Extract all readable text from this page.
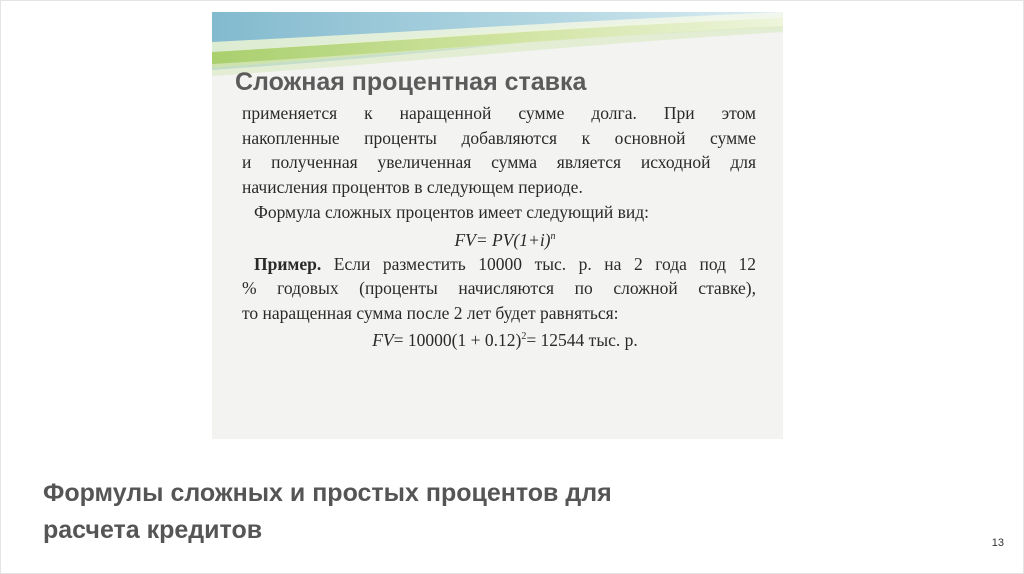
Сложная процентная ставка
применяется к наращенной сумме долга. При этом
накопленные проценты добавляются к основной сумме
и полученная увеличенная сумма является исходной для
начисления процентов в следующем периоде.
Формула сложных процентов имеет следующий вид:
$FV= PV(1+i)^n$
Пример. Если разместить 10000 тыс. р. на 2 года под 12
% годовых (проценты начисляются по сложной ставке),
то наращенная сумма после 2 лет будет равняться:
$FV= 10000(1 + 0.12)^2= 12544$ тыс. р.
Формулы сложных и простых процентов для
расчета кредитов	13
